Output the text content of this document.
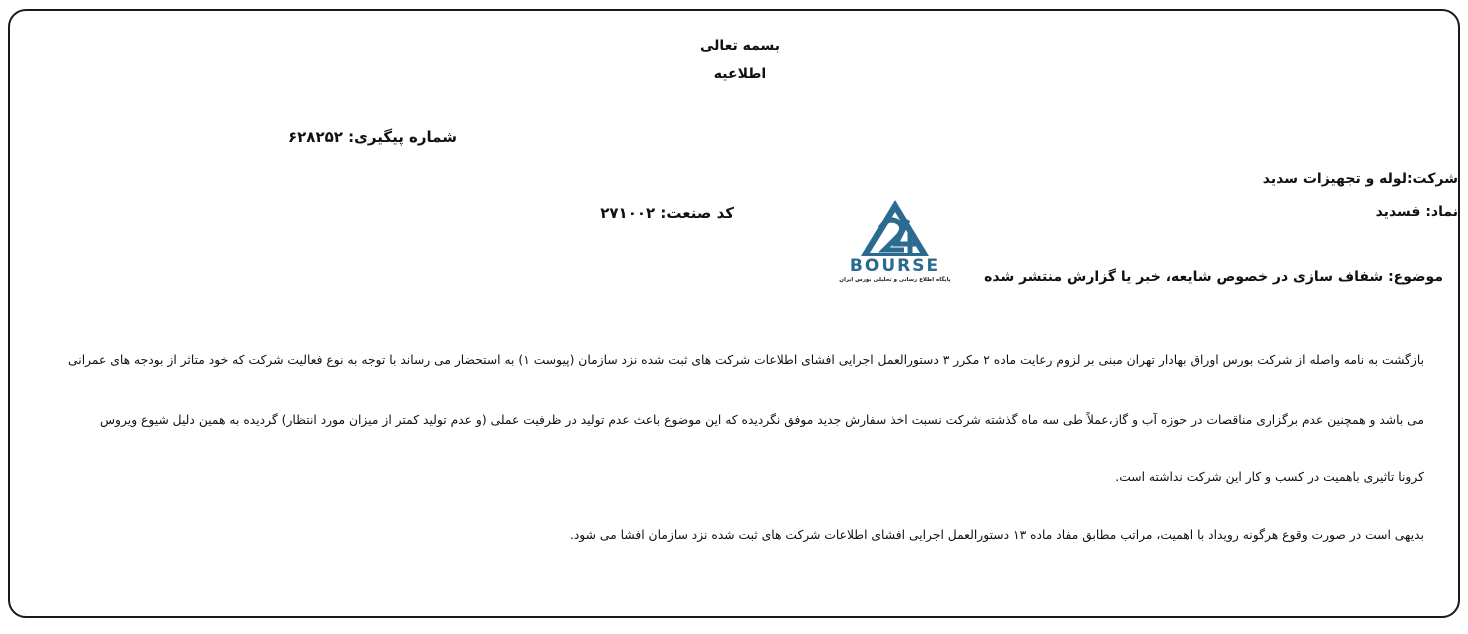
بسمه تعالی
اطلاعیه
شماره پیگیری: ۶۲۸۲۵۲
شرکت:لوله و تجهیزات سدید
نماد: فسدید
کد صنعت: ۲۷۱۰۰۲
موضوع: شفاف سازی در خصوص شایعه، خبر یا گزارش منتشر شده
BOURSE
پایگاه اطلاع رسانی و تحلیلی بورس ایران
بازگشت به نامه واصله از شرکت بورس اوراق بهادار تهران مبنی بر لزوم رعایت ماده ۲ مکرر ۳ دستورالعمل اجرایی افشای اطلاعات شرکت های ثبت شده نزد سازمان (پیوست ۱) به استحضار می رساند با توجه به نوع فعالیت شرکت که خود متاثر از بودجه های عمرانی
می باشد و همچنین عدم برگزاری مناقصات در حوزه آب و گاز،عملاً طی سه ماه گذشته شرکت نسبت اخذ سفارش جدید موفق نگردیده که این موضوع باعث عدم تولید در ظرفیت عملی (و عدم تولید کمتر از میزان مورد انتظار) گردیده به همین دلیل شیوع ویروس
کرونا تاثیری باهمیت در کسب و کار این شرکت نداشته است.
بدیهی است در صورت وقوع هرگونه رویداد با اهمیت، مراتب مطابق مفاد ماده ۱۳ دستورالعمل اجرایی افشای اطلاعات شرکت های ثبت شده نزد سازمان افشا می شود.
